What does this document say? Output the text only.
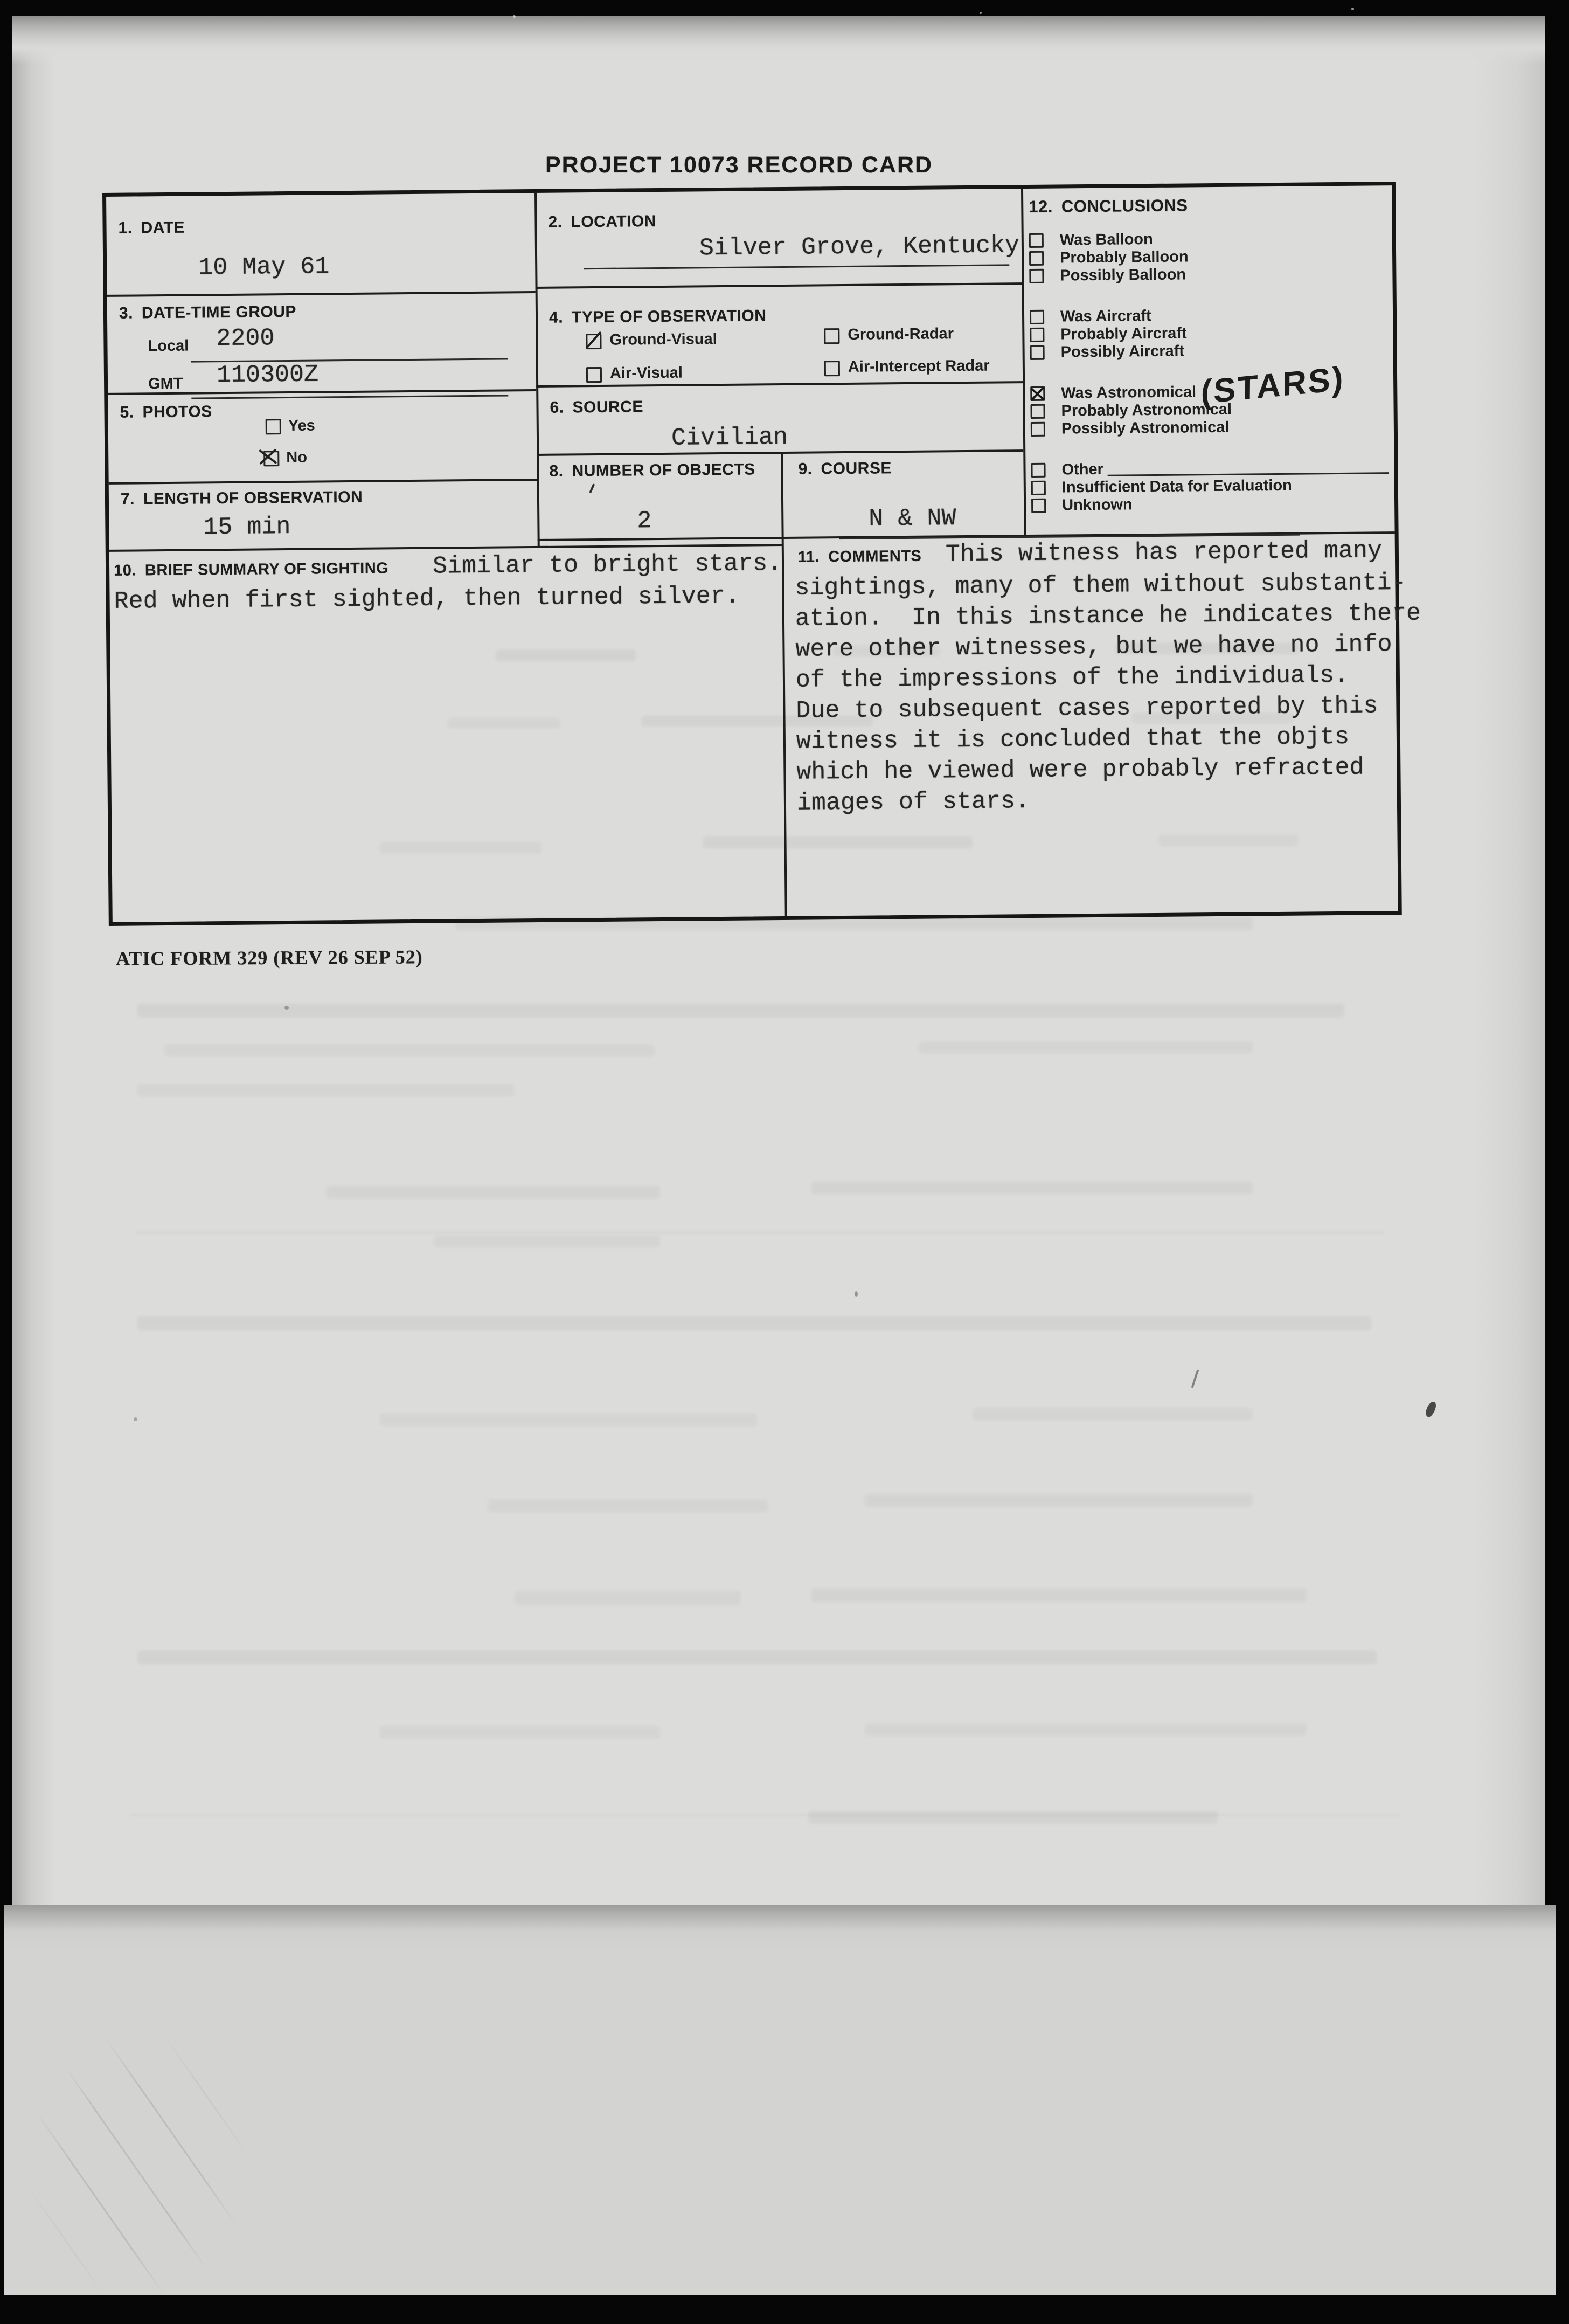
PROJECT 10073 RECORD CARD
1. DATE
10 May 61
3. DATE-TIME GROUP
Local 2200
GMT 110300Z
5. PHOTOS
Yes
No
7. LENGTH OF OBSERVATION
15 min
2. LOCATION
Silver Grove, Kentucky
4. TYPE OF OBSERVATION
Ground-Visual	Ground-Radar
Air-Visual	Air-Intercept Radar
6. SOURCE
Civilian
8. NUMBER OF OBJECTS
2
9. COURSE
N & NW
10. BRIEF SUMMARY OF SIGHTING Similar to bright stars.
Red when first sighted, then turned silver.
11. COMMENTS This witness has reported many
sightings, many of them without substanti-
ation.  In this instance he indicates there
were other witnesses, but we have no info
of the impressions of the individuals.
Due to subsequent cases reported by this
witness it is concluded that the objts
which he viewed were probably refracted
images of stars.
12. CONCLUSIONS
Was Balloon
Probably Balloon
Possibly Balloon
Was Aircraft
Probably Aircraft
Possibly Aircraft
Was Astronomical (STARS)
Probably Astronomical
Possibly Astronomical
Other
Insufficient Data for Evaluation
Unknown
ATIC FORM 329 (REV 26 SEP 52)
